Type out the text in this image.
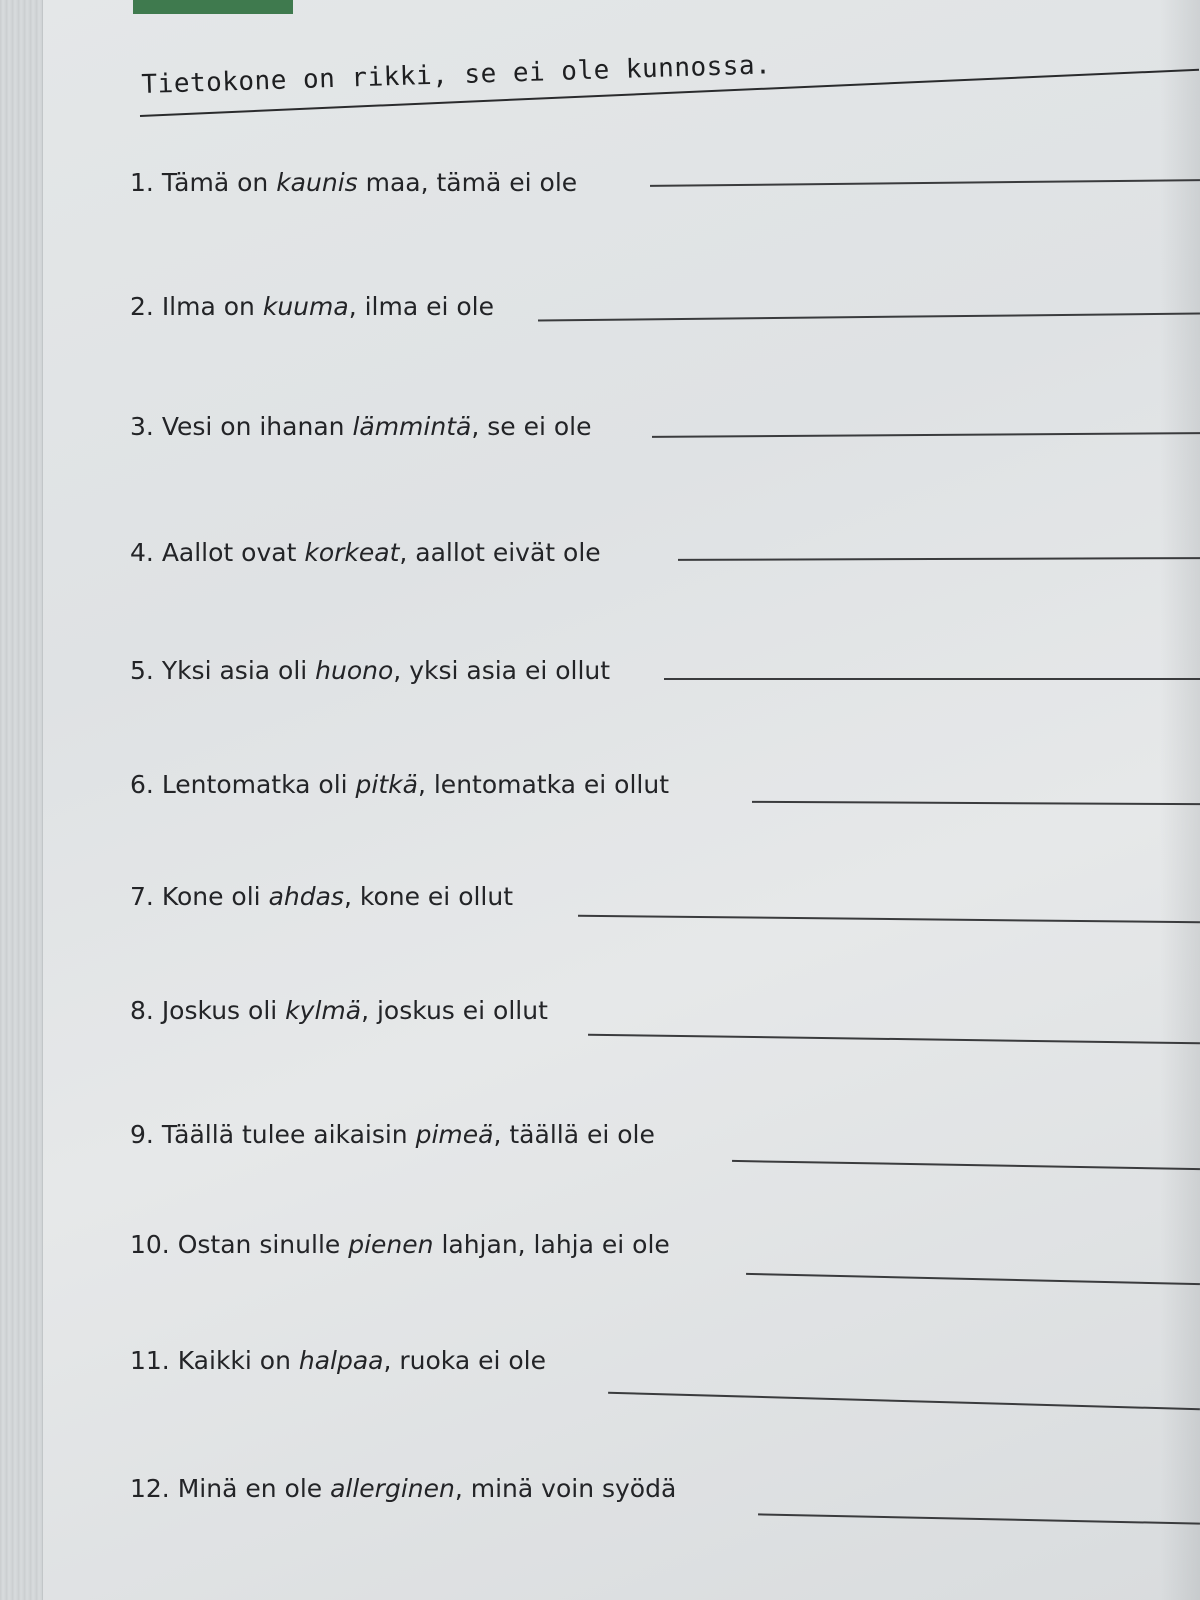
Tietokone on rikki, se ei ole kunnossa.
1. Tämä on kaunis maa, tämä ei ole
2. Ilma on kuuma, ilma ei ole
3. Vesi on ihanan lämmintä, se ei ole
4. Aallot ovat korkeat, aallot eivät ole
5. Yksi asia oli huono, yksi asia ei ollut
6. Lentomatka oli pitkä, lentomatka ei ollut
7. Kone oli ahdas, kone ei ollut
8. Joskus oli kylmä, joskus ei ollut
9. Täällä tulee aikaisin pimeä, täällä ei ole
10. Ostan sinulle pienen lahjan, lahja ei ole
11. Kaikki on halpaa, ruoka ei ole
12. Minä en ole allerginen, minä voin syödä
